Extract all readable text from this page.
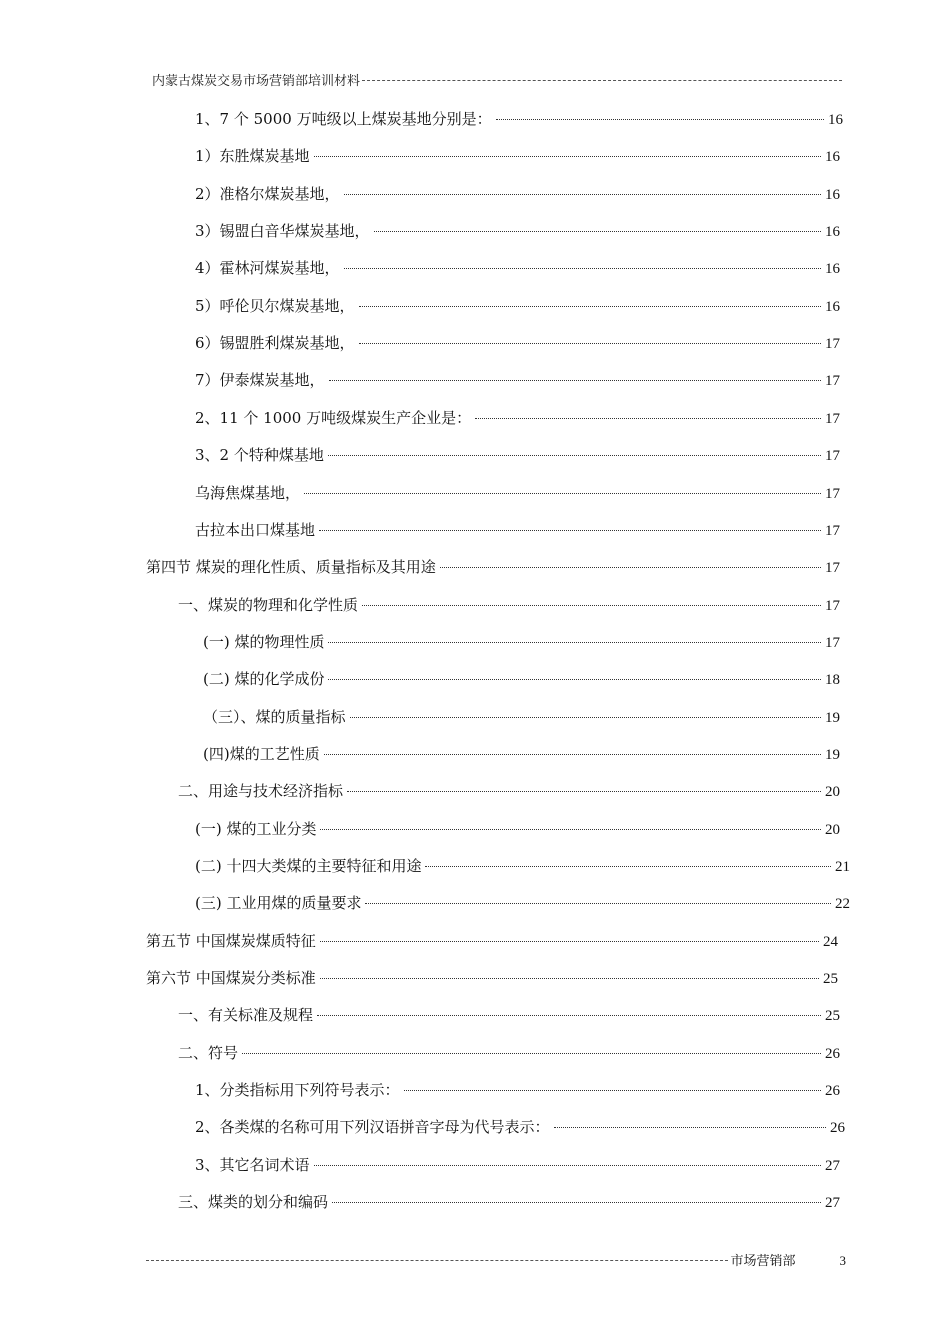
内蒙古煤炭交易市场营销部培训材料
1、7 个 5000 万吨级以上煤炭基地分别是：	16
1）东胜煤炭基地	16
2）准格尔煤炭基地，	16
3）锡盟白音华煤炭基地，	16
4）霍林河煤炭基地，	16
5）呼伦贝尔煤炭基地，	16
6）锡盟胜利煤炭基地，	17
7）伊泰煤炭基地，	17
2、11 个 1000 万吨级煤炭生产企业是：	17
3、2 个特种煤基地	17
乌海焦煤基地，	17
古拉本出口煤基地	17
第四节 煤炭的理化性质、质量指标及其用途	17
一、煤炭的物理和化学性质	17
(一) 煤的物理性质	17
(二) 煤的化学成份	18
（三）、煤的质量指标	19
(四)煤的工艺性质	19
二、用途与技术经济指标	20
(一) 煤的工业分类	20
(二) 十四大类煤的主要特征和用途	21
(三) 工业用煤的质量要求	22
第五节 中国煤炭煤质特征	24
第六节 中国煤炭分类标准	25
一、有关标准及规程	25
二、符号	26
1、分类指标用下列符号表示：	26
2、各类煤的名称可用下列汉语拼音字母为代号表示：	26
3、其它名词术语	27
三、煤类的划分和编码	27
市场营销部	3
